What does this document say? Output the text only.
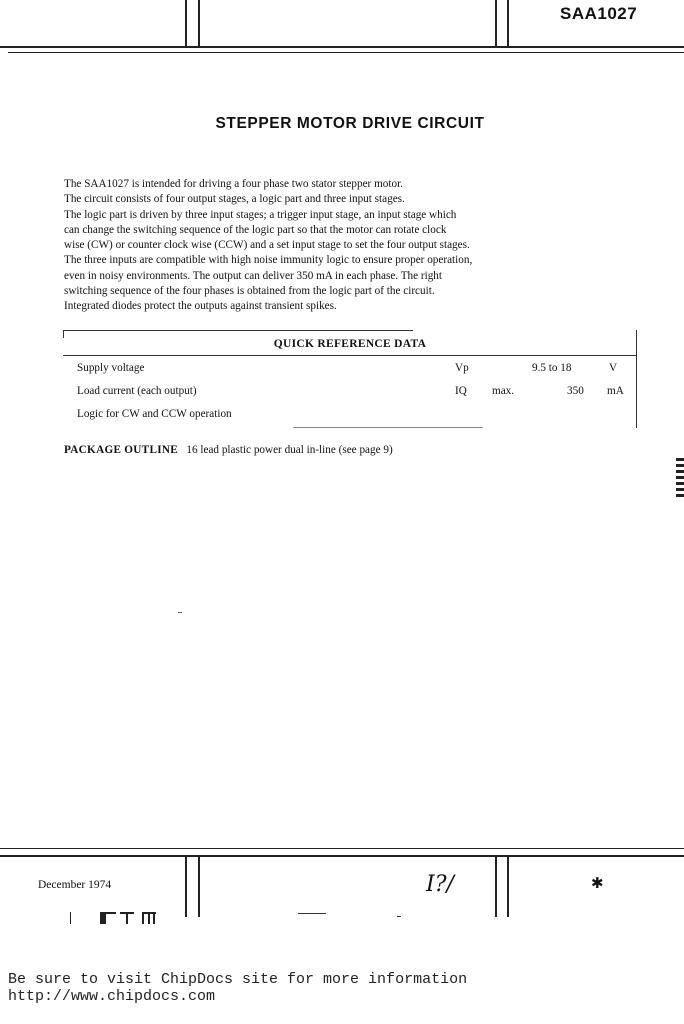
SAA1027
STEPPER MOTOR DRIVE CIRCUIT
The SAA1027 is intended for driving a four phase two stator stepper motor.
The circuit consists of four output stages, a logic part and three input stages.
The logic part is driven by three input stages; a trigger input stage, an input stage which
can change the switching sequence of the logic part so that the motor can rotate clock
wise (CW) or counter clock wise (CCW) and a set input stage to set the four output stages.
The three inputs are compatible with high noise immunity logic to ensure proper operation,
even in noisy environments. The output can deliver 350 mA in each phase. The right
switching sequence of the four phases is obtained from the logic part of the circuit.
Integrated diodes protect the outputs against transient spikes.
QUICK REFERENCE DATA
Supply voltage	Vp	9.5 to 18	V
Load current (each output)	IQ max.	350 mA
Logic for CW and CCW operation
PACKAGE OUTLINE 16 lead plastic power dual in-line (see page 9)
December 1974	I?/	✱
Be sure to visit ChipDocs site for more information
http://www.chipdocs.com
